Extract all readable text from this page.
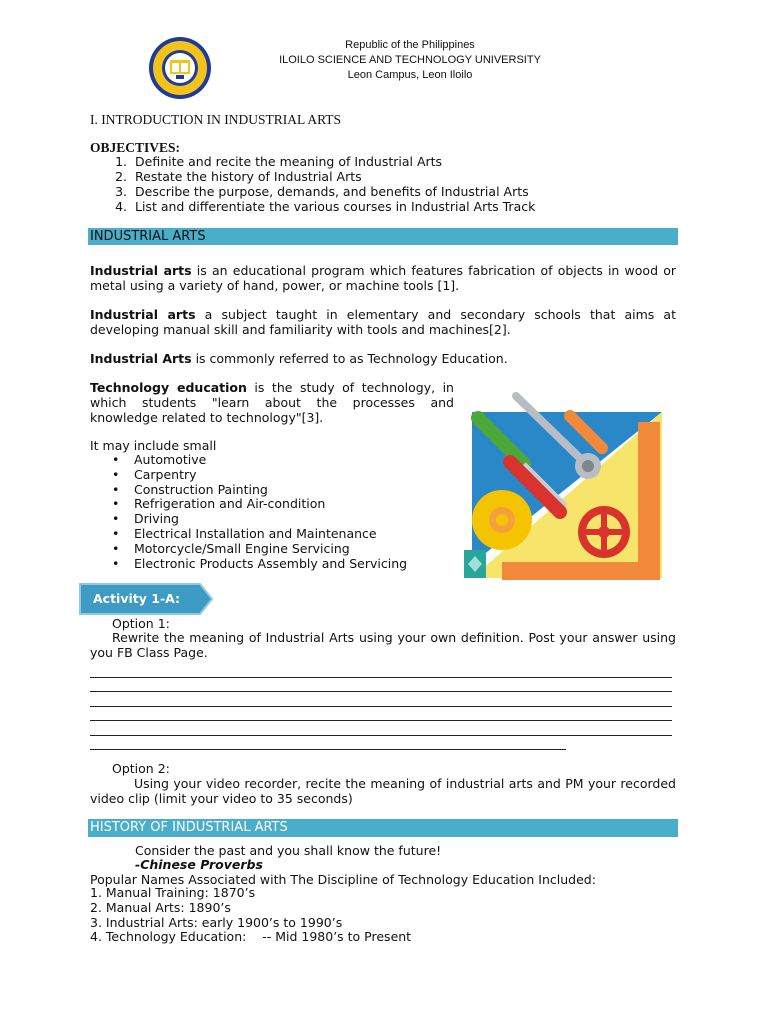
Republic of the Philippines
ILOILO SCIENCE AND TECHNOLOGY UNIVERSITY
Leon Campus, Leon Iloilo
I. INTRODUCTION IN INDUSTRIAL ARTS
OBJECTIVES:
1. Definite and recite the meaning of Industrial Arts
2. Restate the history of Industrial Arts
3. Describe the purpose, demands, and benefits of Industrial Arts
4. List and differentiate the various courses in Industrial Arts Track
INDUSTRIAL ARTS
Industrial arts is an educational program which features fabrication of objects in wood or metal using a variety of hand, power, or machine tools [1].
Industrial arts a subject taught in elementary and secondary schools that aims at developing manual skill and familiarity with tools and machines[2].
Industrial Arts is commonly referred to as Technology Education.
Technology education is the study of technology, in which students "learn about the processes and knowledge related to technology"[3].
It may include small
•	Automotive
•	Carpentry
•	Construction Painting
•	Refrigeration and Air-condition
•	Driving
•	Electrical Installation and Maintenance
•	Motorcycle/Small Engine Servicing
•	Electronic Products Assembly and Servicing
Activity 1-A:
Option 1:
Rewrite the meaning of Industrial Arts using your own definition. Post your answer using you FB Class Page.
Option 2:
Using your video recorder, recite the meaning of industrial arts and PM your recorded video clip (limit your video to 35 seconds)
HISTORY OF INDUSTRIAL ARTS
Consider the past and you shall know the future!
-Chinese Proverbs
Popular Names Associated with The Discipline of Technology Education Included:
1. Manual Training: 1870’s
2. Manual Arts: 1890’s
3. Industrial Arts: early 1900’s to 1990’s
4. Technology Education:    -- Mid 1980’s to Present
